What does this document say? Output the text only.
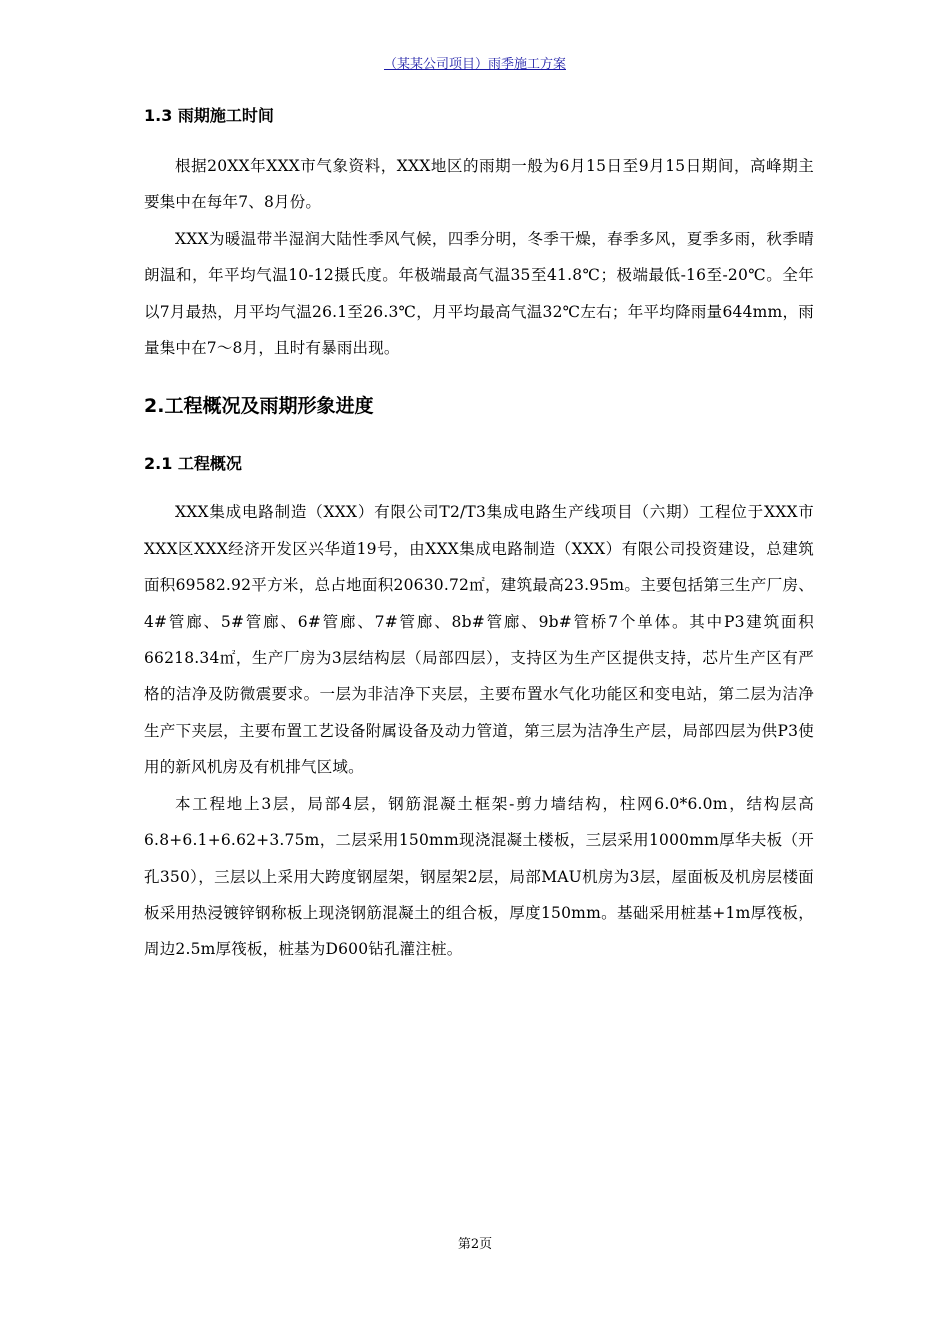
（某某公司项目）雨季施工方案
1.3 雨期施工时间

根据20XX年XXX市气象资料，XXX地区的雨期一般为6月15日至9月15日期间，高峰期主要集中在每年7、8月份。

XXX为暖温带半湿润大陆性季风气候，四季分明，冬季干燥，春季多风，夏季多雨，秋季晴朗温和，年平均气温10-12摄氏度。年极端最高气温35至41.8℃；极端最低-16至-20℃。全年以7月最热，月平均气温26.1至26.3℃，月平均最高气温32℃左右；年平均降雨量644mm，雨量集中在7～8月，且时有暴雨出现。

2.工程概况及雨期形象进度
2.1 工程概况

XXX集成电路制造（XXX）有限公司T2/T3集成电路生产线项目（六期）工程位于XXX市XXX区XXX经济开发区兴华道19号，由XXX集成电路制造（XXX）有限公司投资建设，总建筑面积69582.92平方米，总占地面积20630.72㎡，建筑最高23.95m。主要包括第三生产厂房、4#管廊、5#管廊、6#管廊、7#管廊、8b#管廊、9b#管桥7个单体。其中P3建筑面积66218.34㎡，生产厂房为3层结构层（局部四层），支持区为生产区提供支持，芯片生产区有严格的洁净及防微震要求。一层为非洁净下夹层，主要布置水气化功能区和变电站，第二层为洁净生产下夹层，主要布置工艺设备附属设备及动力管道，第三层为洁净生产层，局部四层为供P3使用的新风机房及有机排气区域。

本工程地上3层，局部4层，钢筋混凝土框架-剪力墙结构，柱网6.0*6.0m，结构层高6.8+6.1+6.62+3.75m，二层采用150mm现浇混凝土楼板，三层采用1000mm厚华夫板（开孔350），三层以上采用大跨度钢屋架，钢屋架2层，局部MAU机房为3层，屋面板及机房层楼面板采用热浸镀锌钢称板上现浇钢筋混凝土的组合板，厚度150mm。基础采用桩基+1m厚筏板，周边2.5m厚筏板，桩基为D600钻孔灌注桩。

第2页
